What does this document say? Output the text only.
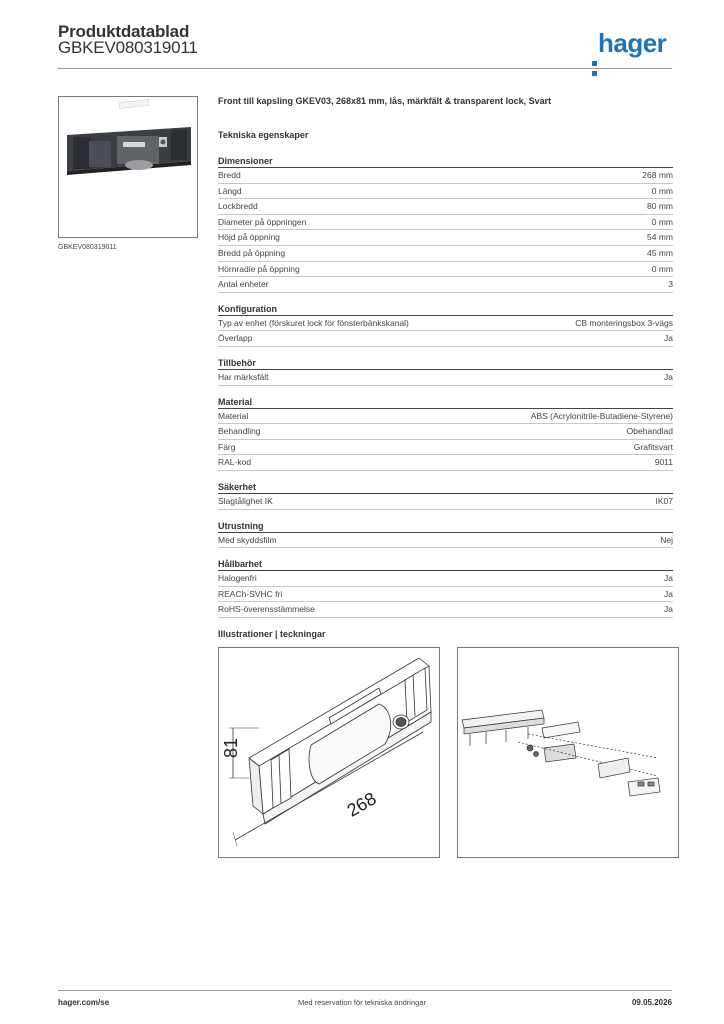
Produktdatablad
GBKEV080319011	hager
GBKEV080319011
Front till kapsling GKEV03, 268x81 mm, lås, märkfält & transparent lock, Svart
Tekniska egenskaper
Dimensioner
Bredd	268 mm
Längd	0 mm
Lockbredd	80 mm
Diameter på öppningen	0 mm
Höjd på öppning	54 mm
Bredd på öppning	45 mm
Hörnradie på öppning	0 mm
Antal enheter	3
Konfiguration
Typ av enhet (förskuret lock för fönsterbänkskanal)	CB monteringsbox 3-vägs
Överlapp	Ja
Tillbehör
Har märksfält	Ja
Material
Material	ABS (Acrylonitrile-Butadiene-Styrene)
Behandling	Obehandlad
Färg	Grafitsvart
RAL-kod	9011
Säkerhet
Slagtålighet IK	IK07
Utrustning
Med skyddsfilm	Nej
Hållbarhet
Halogenfri	Ja
REACh-SVHC fri	Ja
RoHS-överensstämmelse	Ja
Illustrationer | teckningar
81
268
hager.com/se	Med reservation för tekniska ändringar	09.05.2026
